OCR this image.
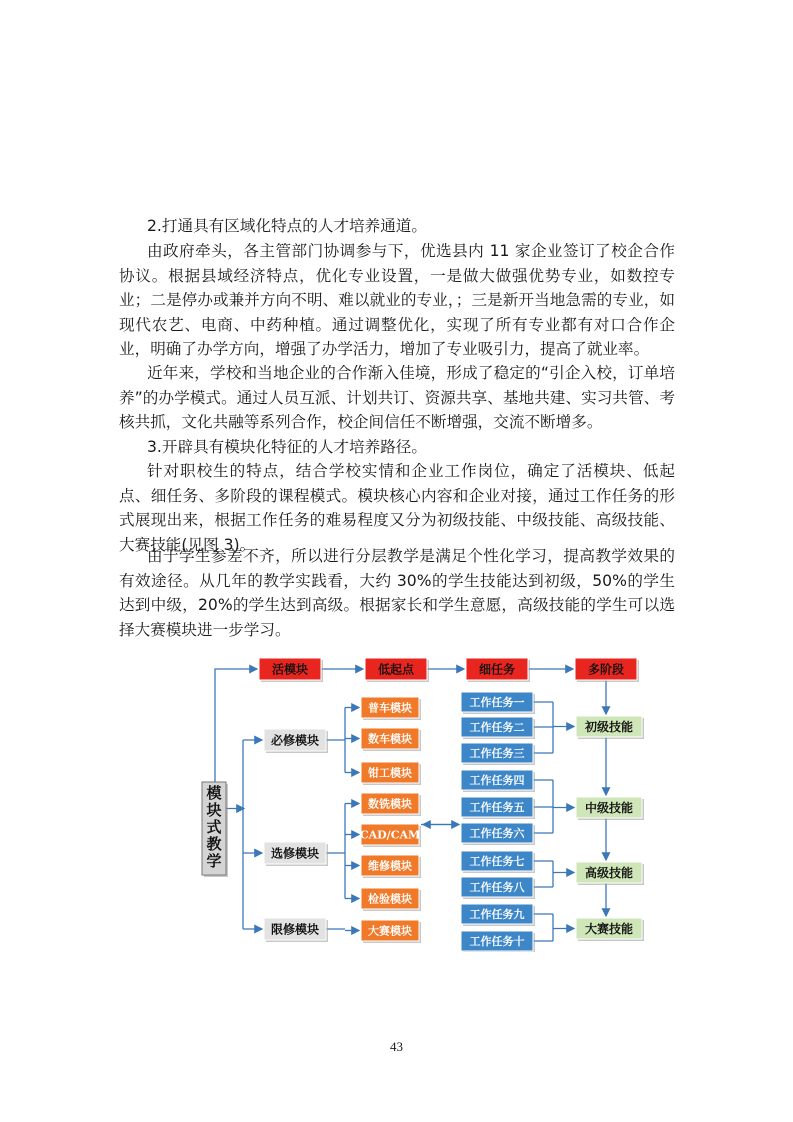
2.打通具有区域化特点的人才培养通道。

由政府牵头，各主管部门协调参与下，优选县内 11 家企业签订了校企合作协议。根据县域经济特点，优化专业设置，一是做大做强优势专业，如数控专业；二是停办或兼并方向不明、难以就业的专业，；三是新开当地急需的专业，如现代农艺、电商、中药种植。通过调整优化，实现了所有专业都有对口合作企业，明确了办学方向，增强了办学活力，增加了专业吸引力，提高了就业率。

近年来，学校和当地企业的合作渐入佳境，形成了稳定的“引企入校，订单培养”的办学模式。通过人员互派、计划共订、资源共享、基地共建、实习共管、考核共抓，文化共融等系列合作，校企间信任不断增强，交流不断增多。

3.开辟具有模块化特征的人才培养路径。

针对职校生的特点，结合学校实情和企业工作岗位，确定了活模块、低起点、细任务、多阶段的课程模式。模块核心内容和企业对接，通过工作任务的形式展现出来，根据工作任务的难易程度又分为初级技能、中级技能、高级技能、大赛技能(见图 3)。

由于学生参差不齐，所以进行分层教学是满足个性化学习，提高教学效果的有效途径。从几年的教学实践看，大约 30%的学生技能达到初级，50%的学生达到中级，20%的学生达到高级。根据家长和学生意愿，高级技能的学生可以选择大赛模块进一步学习。

活模块	低起点	细任务	多阶段
模
块
式
教
学
必修模块
选修模块
限修模块
普车模块
数车模块
钳工模块
数铣模块
CAD/CAM
维修模块
检验模块
大赛模块
工作任务一
工作任务二
工作任务三
工作任务四
工作任务五
工作任务六
工作任务七
工作任务八
工作任务九
工作任务十
初级技能
中级技能
高级技能
大赛技能
43
